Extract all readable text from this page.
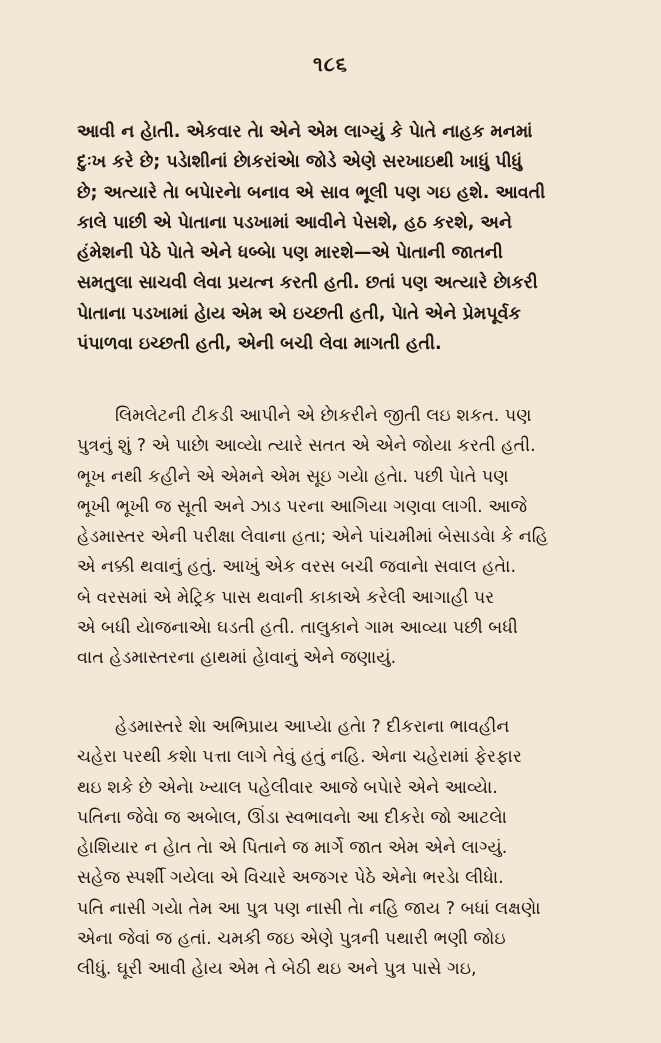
૧૮૬
આવી ન હેાતી. એકવાર તેા એને એમ લાગ્યું કે પેાતે નાહક મનમાં
દુઃખ કરે છે; પડેાશીનાં છેાકરાંએા જોડે એણે સરખાઇથી ખાધું પીધું
છે; અત્યારે તેા બપેારનેા બનાવ એ સાવ ભૂલી પણ ગઇ હશે. આવતી
કાલે પાછી એ પેાતાના પડખામાં આવીને પેસશે, હઠ કરશે, અને
હંમેશની પેઠે પેાતે એને ધબ્બેા પણ મારશે—એ પેાતાની જાતની
સમતુલા સાચવી લેવા પ્રયત્ન કરતી હતી. છતાં પણ અત્યારે છેાકરી
પેાતાના પડખામાં હેાય એમ એ ઇચ્છતી હતી, પેાતે એને પ્રેમપૂર્વક
પંપાળવા ઇચ્છતી હતી, એની બચી લેવા માગતી હતી.
લિમલેટની ટીકડી આપીને એ છેાકરીને જીતી લઇ શકત. પણ
પુત્રનું શું ? એ પાછેા આવ્યેા ત્યારે સતત એ એને જોયા કરતી હતી.
ભૂખ નથી કહીને એ એમને એમ સૂઇ ગયેા હતેા. પછી પેાતે પણ
ભૂખી ભૂખી જ સૂતી અને ઝાડ પરના આગિયા ગણવા લાગી. આજે
હેડમાસ્તર એની પરીક્ષા લેવાના હતા; એને પાંચમીમાં બેસાડવેા કે નહિ
એ નક્કી થવાનું હતું. આખું એક વરસ બચી જવાનેા સવાલ હતેા.
બે વરસમાં એ મેટ્રિક પાસ થવાની કાકાએ કરેલી આગાહી પર
એ બધી યેાજનાએા ઘડતી હતી. તાલુકાને ગામ આવ્યા પછી બધી
વાત હેડમાસ્તરના હાથમાં હેાવાનું એને જણાયું.
હેડમાસ્તરે શેા અભિપ્રાય આપ્યેા હતેા ? દીકરાના ભાવહીન
ચહેરા પરથી કશેા પત્તા લાગે તેવું હતું નહિ. એના ચહેરામાં ફેરફાર
થઇ શકે છે એનેા ખ્યાલ પહેલીવાર આજે બપેારે એને આવ્યેા.
પતિના જેવેા જ અબેાલ, ઊંડા સ્વભાવનેા આ દીકરેા જો આટલેા
હેાશિયાર ન હેાત તેા એ પિતાને જ માર્ગે જાત એમ એને લાગ્યું.
સહેજ સ્પર્શી ગયેલા એ વિચારે અજગર પેઠે એનેા ભરડેા લીધેા.
પતિ નાસી ગયેા તેમ આ પુત્ર પણ નાસી તેા નહિ જાય ? બધાં લક્ષણેા
એના જેવાં જ હતાં. ચમકી જઇ એણે પુત્રની પથારી ભણી જોઇ
લીધું. ઘૂરી આવી હેાય એમ તે બેઠી થઇ અને પુત્ર પાસે ગઇ,
